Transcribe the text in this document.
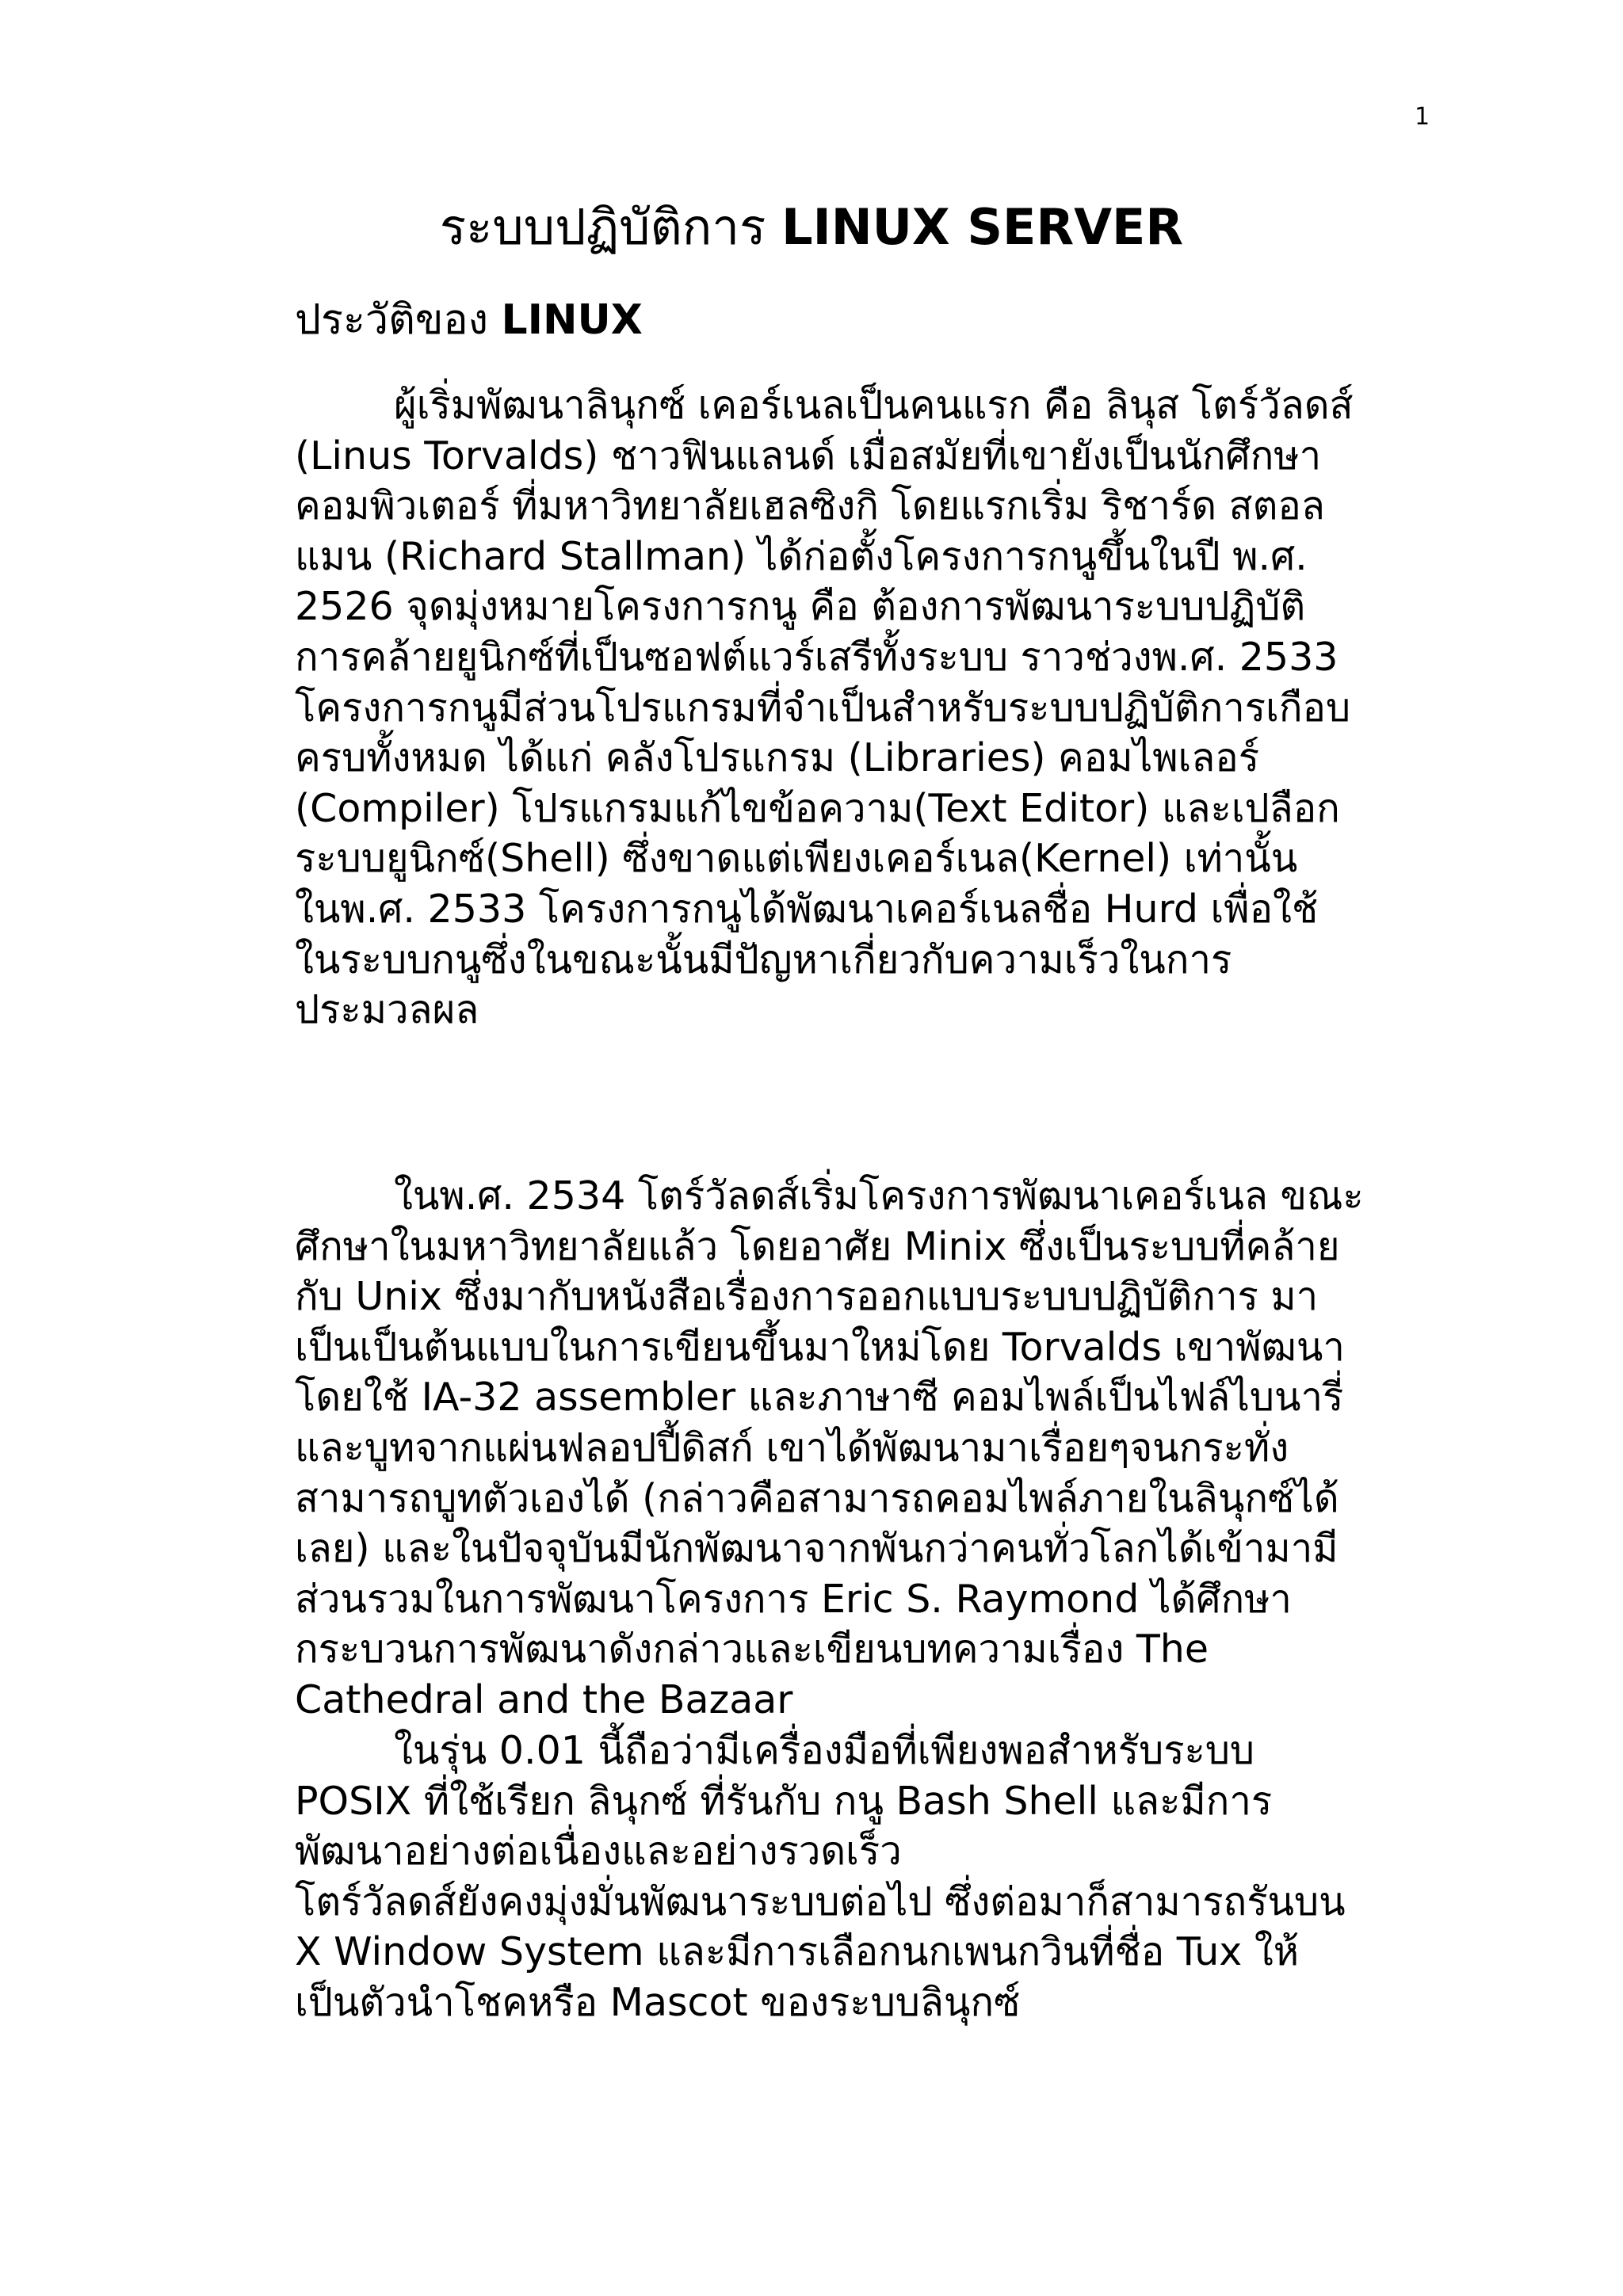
1
ระบบปฏิบัติการ LINUX SERVER
ประวัติของ LINUX
ผู้เริ่มพัฒนาลินุกซ์ เคอร์เนลเป็นคนแรก คือ ลินุส โตร์วัลดส์
(Linus Torvalds) ชาวฟินแลนด์ เมื่อสมัยที่เขายังเป็นนักศึกษา
คอมพิวเตอร์ ที่มหาวิทยาลัยเฮลซิงกิ โดยแรกเริ่ม ริชาร์ด สตอล
แมน (Richard Stallman) ได้ก่อตั้งโครงการกนูขึ้นในปี พ.ศ.
2526 จุดมุ่งหมายโครงการกนู คือ ต้องการพัฒนาระบบปฏิบัติ
การคล้ายยูนิกซ์ที่เป็นซอฟต์แวร์เสรีทั้งระบบ ราวช่วงพ.ศ. 2533
โครงการกนูมีส่วนโปรแกรมที่จำเป็นสำหรับระบบปฏิบัติการเกือบ
ครบทั้งหมด ได้แก่ คลังโปรแกรม (Libraries) คอมไพเลอร์
(Compiler) โปรแกรมแก้ไขข้อความ(Text Editor) และเปลือก
ระบบยูนิกซ์(Shell) ซึ่งขาดแต่เพียงเคอร์เนล(Kernel) เท่านั้น
ในพ.ศ. 2533 โครงการกนูได้พัฒนาเคอร์เนลชื่อ Hurd เพื่อใช้
ในระบบกนูซึ่งในขณะนั้นมีปัญหาเกี่ยวกับความเร็วในการ
ประมวลผล
ในพ.ศ. 2534 โตร์วัลดส์เริ่มโครงการพัฒนาเคอร์เนล ขณะ
ศึกษาในมหาวิทยาลัยแล้ว โดยอาศัย Minix ซึ่งเป็นระบบที่คล้าย
กับ Unix ซึ่งมากับหนังสือเรื่องการออกแบบระบบปฏิบัติการ มา
เป็นเป็นต้นแบบในการเขียนขึ้นมาใหม่โดย Torvalds เขาพัฒนา
โดยใช้ IA-32 assembler และภาษาซี คอมไพล์เป็นไฟล์ไบนารี่
และบูทจากแผ่นฟลอปปี้ดิสก์ เขาได้พัฒนามาเรื่อยๆจนกระทั่ง
สามารถบูทตัวเองได้ (กล่าวคือสามารถคอมไพล์ภายในลินุกซ์ได้
เลย) และในปัจจุบันมีนักพัฒนาจากพันกว่าคนทั่วโลกได้เข้ามามี
ส่วนรวมในการพัฒนาโครงการ Eric S. Raymond ได้ศึกษา
กระบวนการพัฒนาดังกล่าวและเขียนบทความเรื่อง The
Cathedral and the Bazaar
ในรุ่น 0.01 นี้ถือว่ามีเครื่องมือที่เพียงพอสำหรับระบบ
POSIX ที่ใช้เรียก ลินุกซ์ ที่รันกับ กนู Bash Shell และมีการ
พัฒนาอย่างต่อเนื่องและอย่างรวดเร็ว
โตร์วัลดส์ยังคงมุ่งมั่นพัฒนาระบบต่อไป ซึ่งต่อมาก็สามารถรันบน
X Window System และมีการเลือกนกเพนกวินที่ชื่อ Tux ให้
เป็นตัวนำโชคหรือ Mascot ของระบบลินุกซ์
